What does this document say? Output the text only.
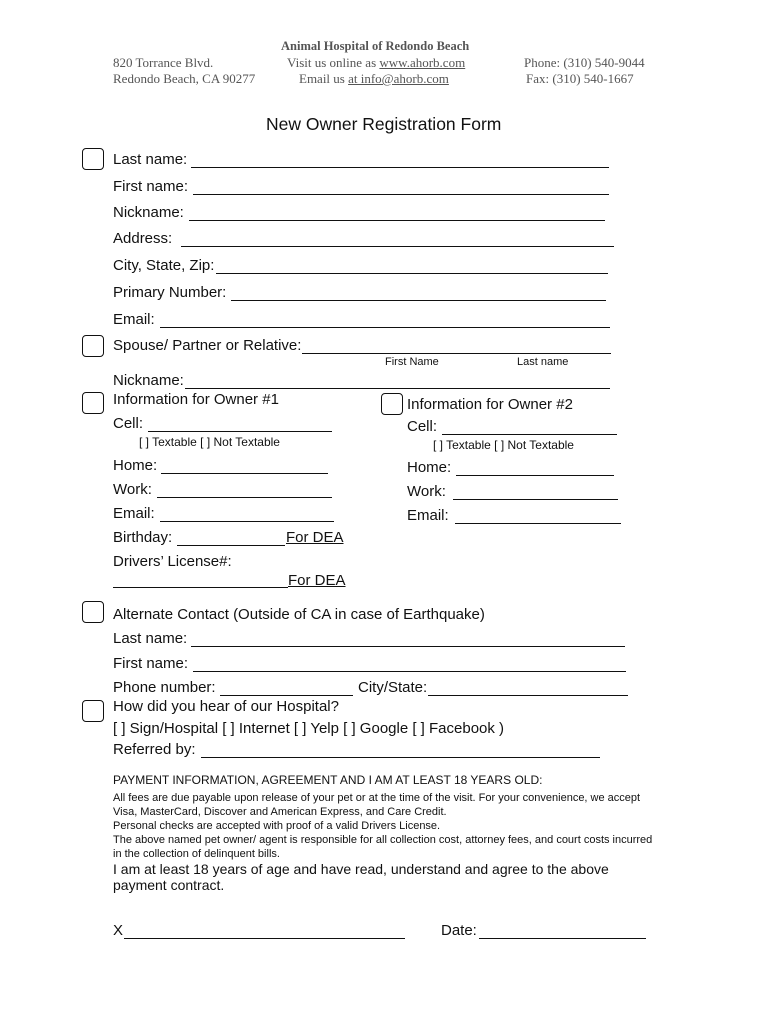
Animal Hospital of Redondo Beach
820 Torrance Blvd.
Redondo Beach, CA 90277
Visit us online as www.ahorb.com
Email us at info@ahorb.com
Phone: (310) 540-9044
Fax: (310) 540-1667
New Owner Registration Form
Last name:
First name:
Nickname:
Address:
City, State, Zip:
Primary Number:
Email:
Spouse/ Partner or Relative:
First Name	Last name
Nickname:
Information for Owner #1
Cell:
[ ] Textable [ ] Not Textable
Home:
Work:
Email:
Birthday:	For DEA
Drivers’ License#:
For DEA
Information for Owner #2
Cell:
[ ] Textable [ ] Not Textable
Home:
Work:
Email:
Alternate Contact (Outside of CA in case of Earthquake)
Last name:
First name:
Phone number:	City/State:
How did you hear of our Hospital?
[ ] Sign/Hospital [ ] Internet [ ] Yelp [ ] Google [ ] Facebook )
Referred by:
PAYMENT INFORMATION, AGREEMENT AND I AM AT LEAST 18 YEARS OLD:
All fees are due payable upon release of your pet or at the time of the visit. For your convenience, we accept Visa, MasterCard, Discover and American Express, and Care Credit.
Personal checks are accepted with proof of a valid Drivers License.
The above named pet owner/ agent is responsible for all collection cost, attorney fees, and court costs incurred in the collection of delinquent bills.
I am at least 18 years of age and have read, understand and agree to the above payment contract.
X	Date:
